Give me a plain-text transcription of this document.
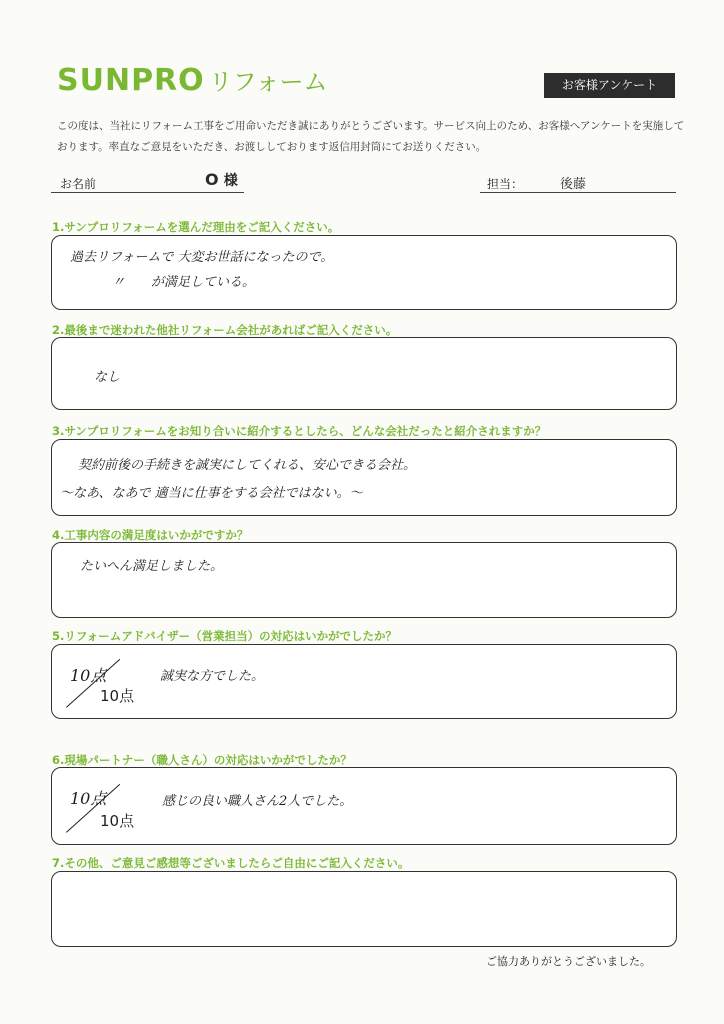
SUNPRO リフォーム	お客様アンケート
この度は、当社にリフォーム工事をご用命いただき誠にありがとうございます。サービス向上のため、お客様へアンケートを実施しております。率直なご意見をいただき、お渡ししております返信用封筒にてお送りください。
お名前	O 様	担当：	後藤
1.サンプロリフォームを選んだ理由をご記入ください。
過去リフォームで 大変お世話になったので。
〃　　が満足している。
2.最後まで迷われた他社リフォーム会社があればご記入ください。
なし
3.サンプロリフォームをお知り合いに紹介するとしたら、どんな会社だったと紹介されますか？
契約前後の手続きを誠実にしてくれる、安心できる会社。
〜なあ、なあで 適当に仕事をする会社ではない。〜
4.工事内容の満足度はいかがですか？
たいへん満足しました。
5.リフォームアドバイザー（営業担当）の対応はいかがでしたか？
10点
10点
誠実な方でした。
6.現場パートナー（職人さん）の対応はいかがでしたか？
10点
10点
感じの良い職人さん2人でした。
7.その他、ご意見ご感想等ございましたらご自由にご記入ください。
ご協力ありがとうございました。
